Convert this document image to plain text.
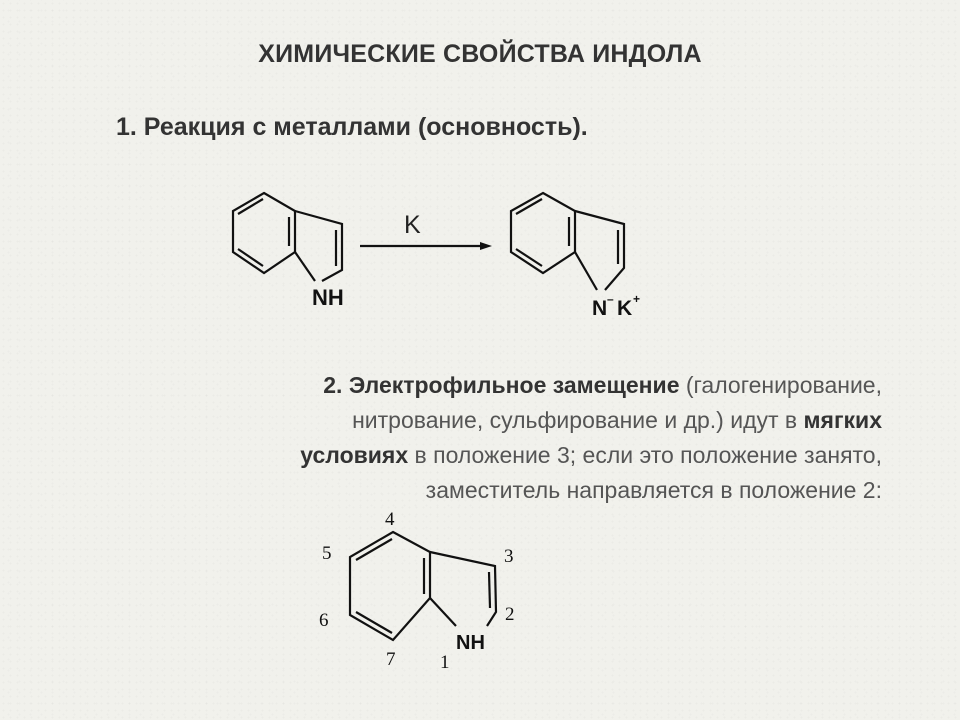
ХИМИЧЕСКИЕ СВОЙСТВА ИНДОЛА
1. Реакция с металлами (основность).
NH
K
N – K +
NH
1
2
3
4
5
6
7
2. Электрофильное замещение (галогенирование,
нитрование, сульфирование и др.) идут в мягких
условиях в положение 3; если это положение занято,
заместитель направляется в положение 2:
